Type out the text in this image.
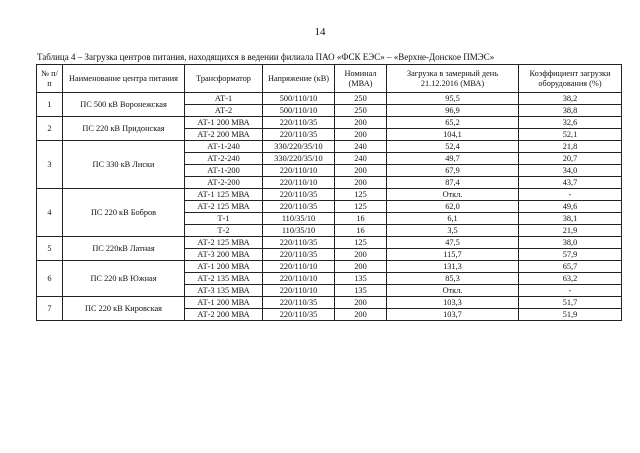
14
Таблица 4 – Загрузка центров питания, находящихся в ведении филиала ПАО «ФСК ЕЭС» – «Верхне-Донское ПМЭС»
№ п/п	Наименование центра питания	Трансформатор	Напряжение (кВ)	Номинал (МВА)	Загрузка в замерный день 21.12.2016 (МВА)	Коэффициент загрузки оборудования (%)
1	ПС 500 кВ Воронежская	АТ-1	500/110/10	250	95,5	38,2
		АТ-2	500/110/10	250	96,9	38,8
2	ПС 220 кВ Придонская	АТ-1 200 МВА	220/110/35	200	65,2	32,6
		АТ-2 200 МВА	220/110/35	200	104,1	52,1
3	ПС 330 кВ Лиски	АТ-1-240	330/220/35/10	240	52,4	21,8
		АТ-2-240	330/220/35/10	240	49,7	20,7
		АТ-1-200	220/110/10	200	67,9	34,0
		АТ-2-200	220/110/10	200	87,4	43,7
4	ПС 220 кВ Бобров	АТ-1 125 МВА	220/110/35	125	Откл.	-
		АТ-2 125 МВА	220/110/35	125	62,0	49,6
		Т-1	110/35/10	16	6,1	38,1
		Т-2	110/35/10	16	3,5	21,9
5	ПС 220кВ Латная	АТ-2 125 МВА	220/110/35	125	47,5	38,0
		АТ-3 200 МВА	220/110/35	200	115,7	57,9
6	ПС 220 кВ Южная	АТ-1 200 МВА	220/110/10	200	131,3	65,7
		АТ-2 135 МВА	220/110/10	135	85,3	63,2
		АТ-3 135 МВА	220/110/10	135	Откл.	-
7	ПС 220 кВ Кировская	АТ-1 200 МВА	220/110/35	200	103,3	51,7
		АТ-2 200 МВА	220/110/35	200	103,7	51,9
